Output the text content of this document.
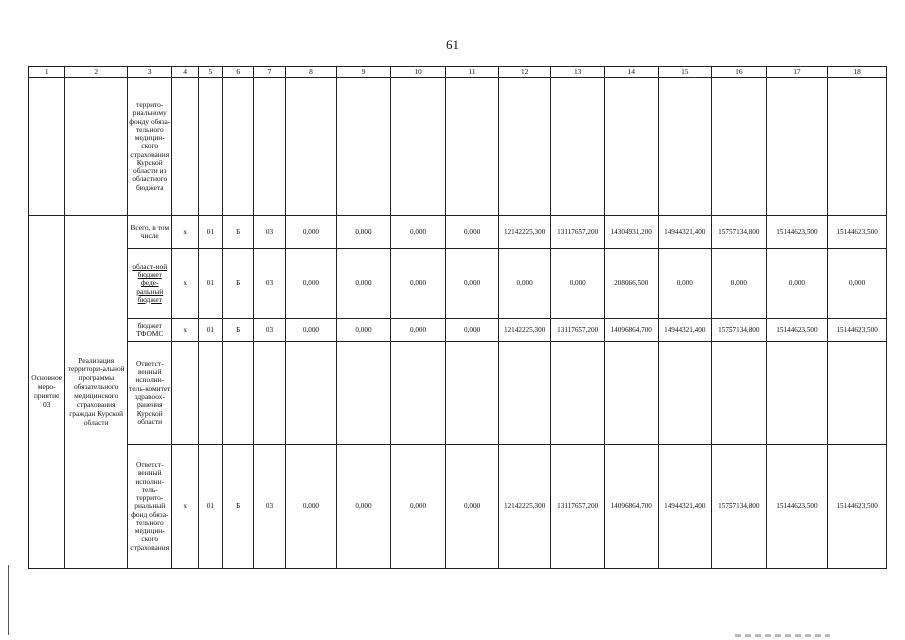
61
1	2	3	4	5	6	7	8	9	10	11	12	13	14	15	16	17	18
		террито-риальному фонду обяза-тельного медицин-ского страхования Курской области из областного бюджета															
Основное меро-приятие 03	Реализация территори-альной программы обязательного медицинского страхования граждан Курской области	Всего, в том числе	x	01	Б	03	0,000	0,000	0,000	0,000	12142225,300	13117657,200	14304931,200	14944321,400	15757134,800	15144623,500	15144623,500
		област-ной бюджет феде-ральный бюджет	x	01	Б	03	0,000	0,000	0,000	0,000	0,000	0,000	208066,500	0,000	0,000	0,000	0,000
		бюджет ТФОМС	x	01	Б	03	0,000	0,000	0,000	0,000	12142225,300	13117657,200	14096864,700	14944321,400	15757134,800	15144623,500	15144623,500
		Ответст-венный исполни-тель-комитет здравоох-ранения Курской области															
		Ответст-венный исполни-тель-террито-риальный фонд обяза-тельного медицин-ского страхования	x	01	Б	03	0,000	0,000	0,000	0,000	12142225,300	13117657,200	14096864,700	14944321,400	15757134,800	15144623,500	15144623,500
